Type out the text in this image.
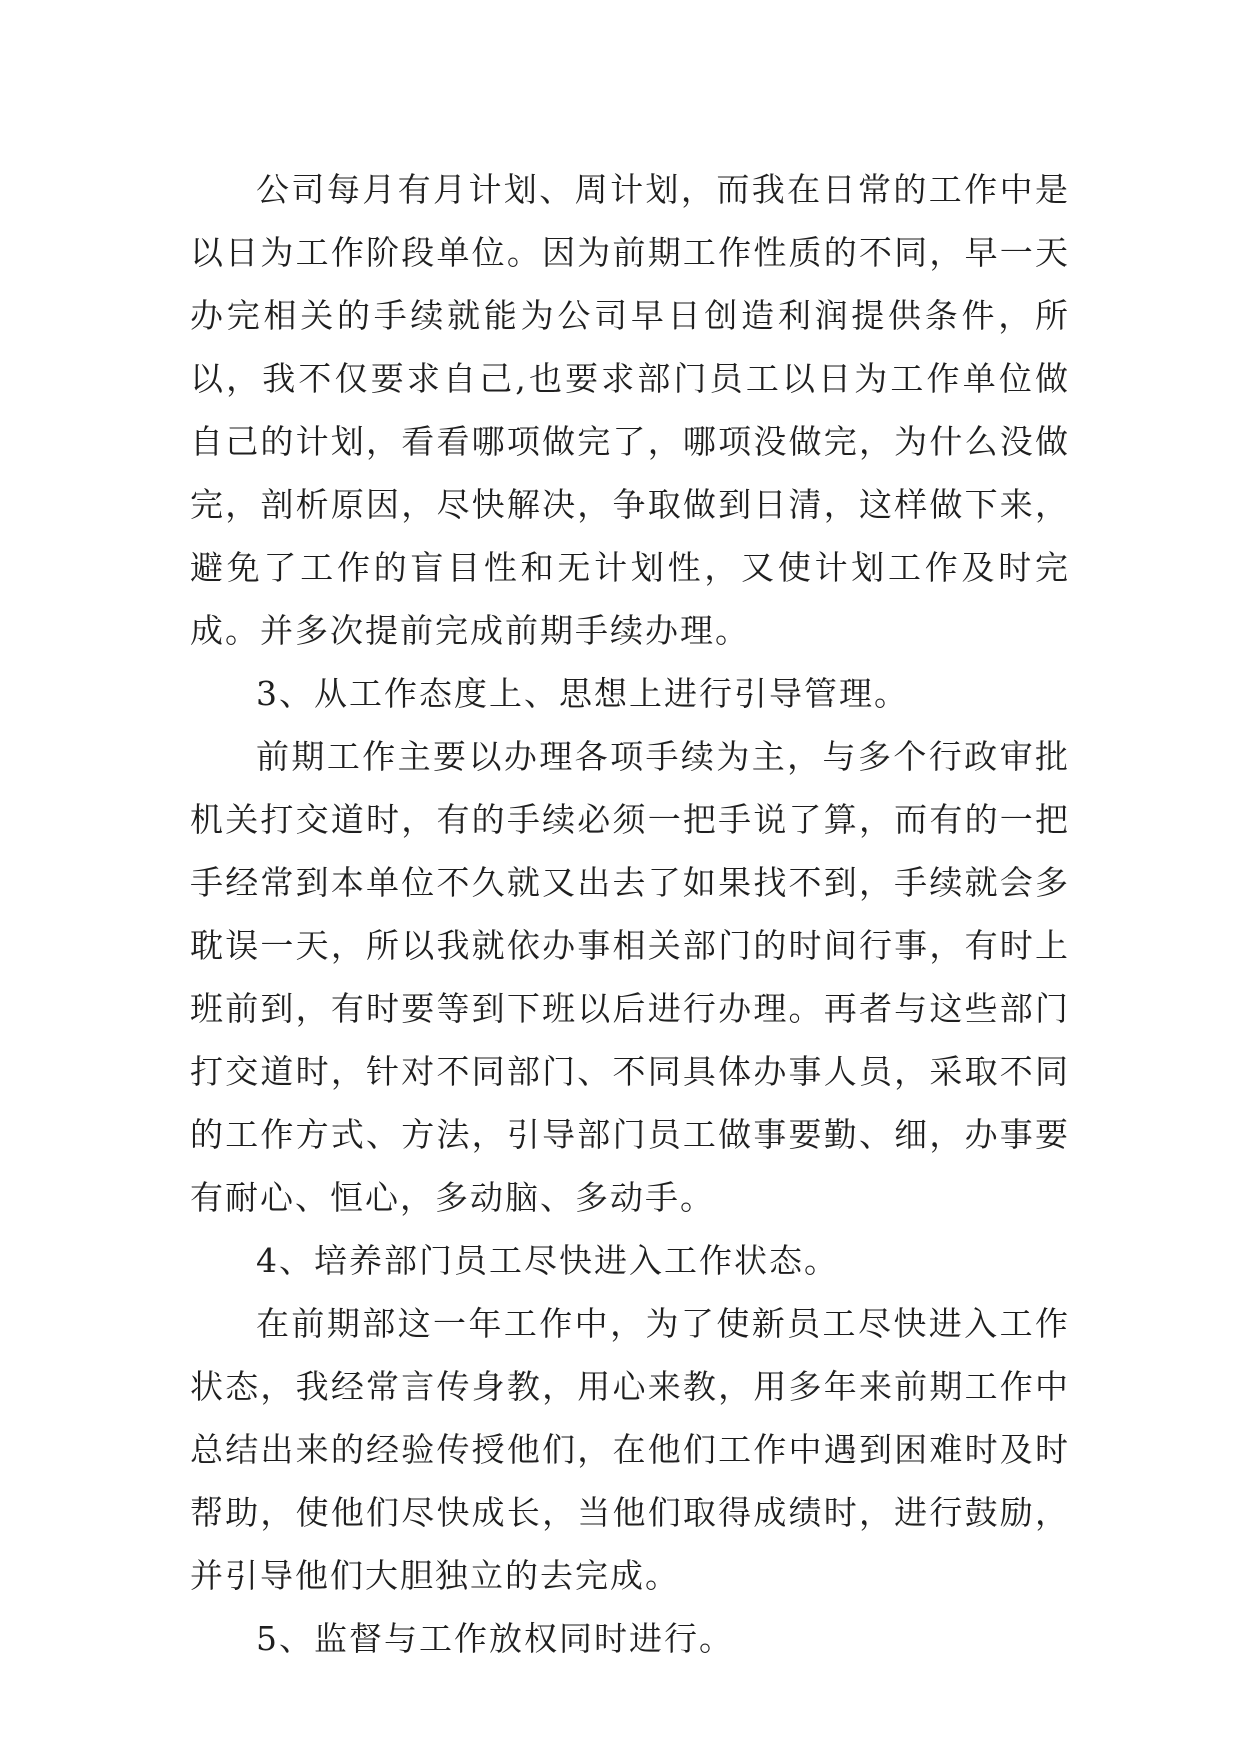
公司每月有月计划、周计划，而我在日常的工作中是以日为工作阶段单位。因为前期工作性质的不同，早一天办完相关的手续就能为公司早日创造利润提供条件，所以，我不仅要求自己,也要求部门员工以日为工作单位做自己的计划，看看哪项做完了，哪项没做完，为什么没做完，剖析原因，尽快解决，争取做到日清，这样做下来，避免了工作的盲目性和无计划性，又使计划工作及时完成。并多次提前完成前期手续办理。

3、从工作态度上、思想上进行引导管理。

前期工作主要以办理各项手续为主，与多个行政审批机关打交道时，有的手续必须一把手说了算，而有的一把手经常到本单位不久就又出去了如果找不到，手续就会多耽误一天，所以我就依办事相关部门的时间行事，有时上班前到，有时要等到下班以后进行办理。再者与这些部门打交道时，针对不同部门、不同具体办事人员，采取不同的工作方式、方法，引导部门员工做事要勤、细，办事要有耐心、恒心，多动脑、多动手。

4、培养部门员工尽快进入工作状态。

在前期部这一年工作中，为了使新员工尽快进入工作状态，我经常言传身教，用心来教，用多年来前期工作中总结出来的经验传授他们，在他们工作中遇到困难时及时帮助，使他们尽快成长，当他们取得成绩时，进行鼓励，并引导他们大胆独立的去完成。

5、监督与工作放权同时进行。
